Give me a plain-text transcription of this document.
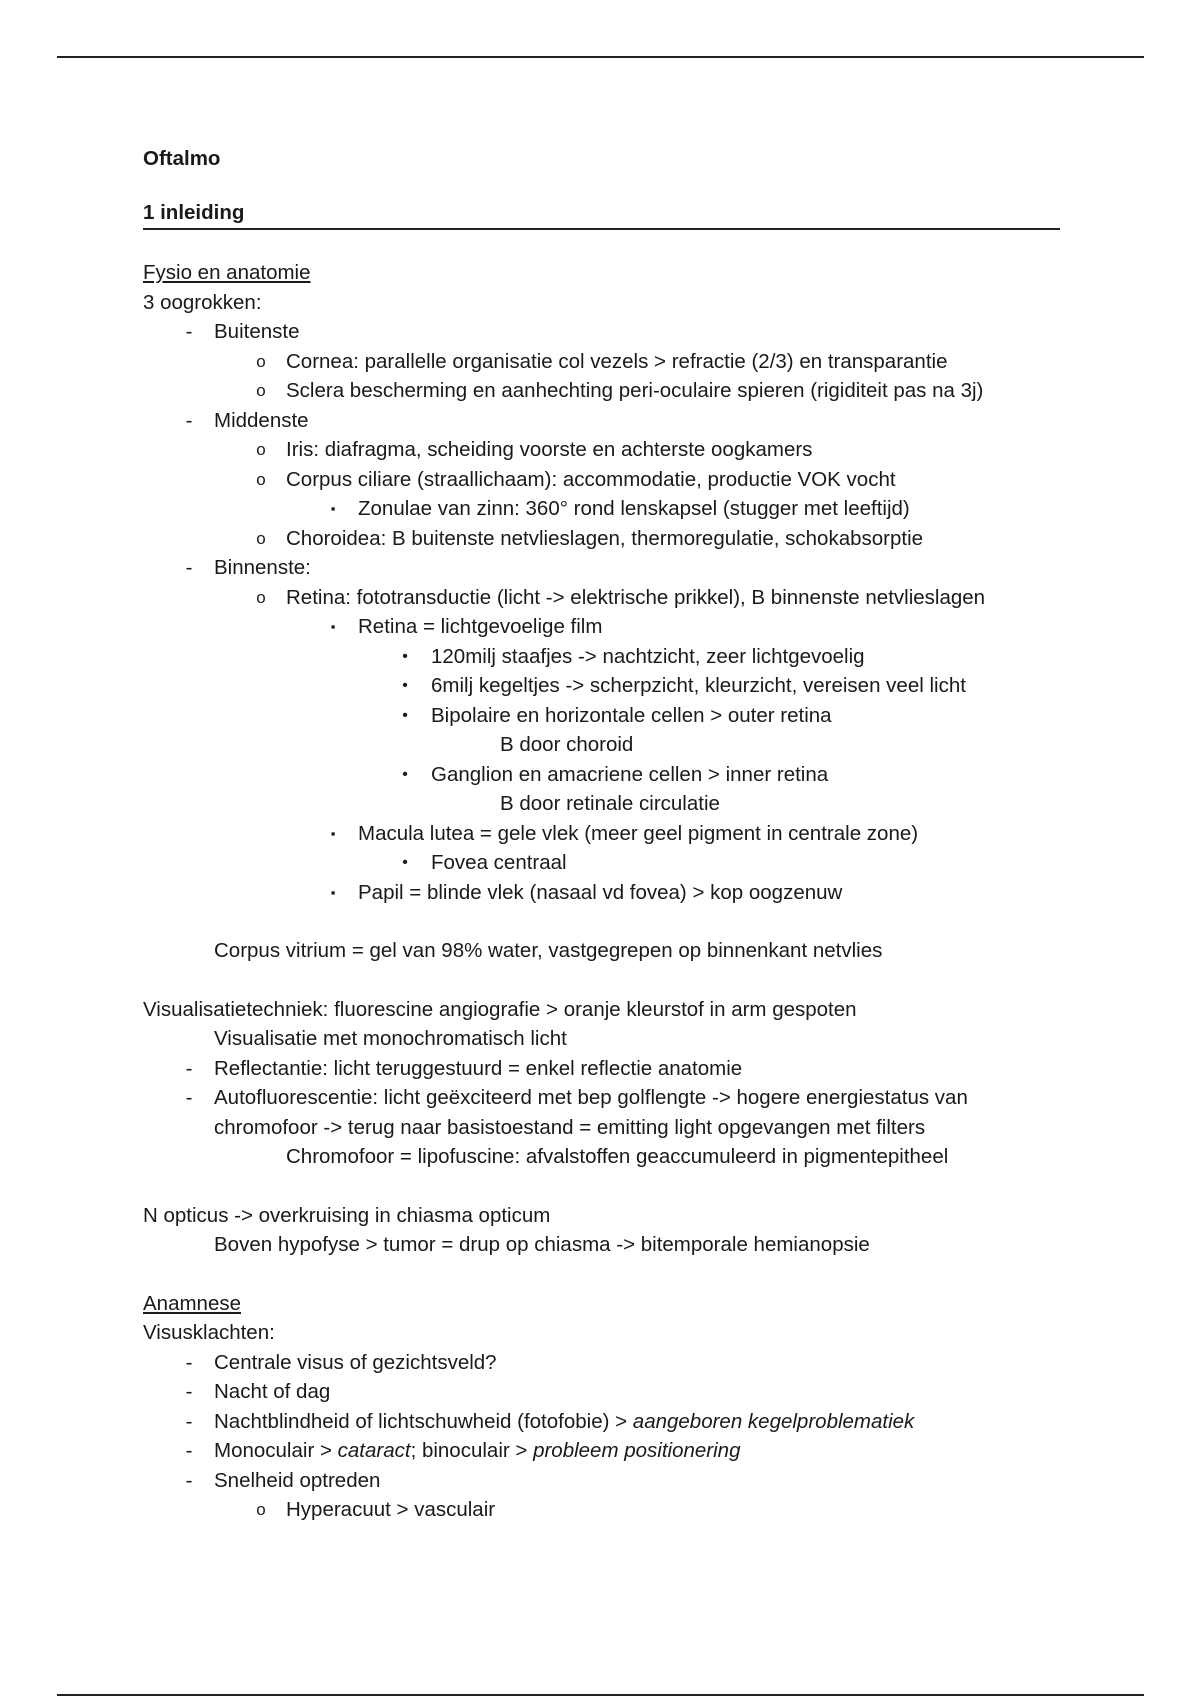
Oftalmo
1 inleiding
Fysio en anatomie
3 oogrokken:
- Buitenste
o Cornea: parallelle organisatie col vezels > refractie (2/3) en transparantie
o Sclera bescherming en aanhechting peri-oculaire spieren (rigiditeit pas na 3j)
- Middenste
o Iris: diafragma, scheiding voorste en achterste oogkamers
o Corpus ciliare (straallichaam): accommodatie, productie VOK vocht
▪ Zonulae van zinn: 360° rond lenskapsel (stugger met leeftijd)
o Choroidea: B buitenste netvlieslagen, thermoregulatie, schokabsorptie
- Binnenste:
o Retina: fototransductie (licht -> elektrische prikkel), B binnenste netvlieslagen
▪ Retina = lichtgevoelige film
• 120milj staafjes -> nachtzicht, zeer lichtgevoelig
• 6milj kegeltjes -> scherpzicht, kleurzicht, vereisen veel licht
• Bipolaire en horizontale cellen > outer retina
B door choroid
• Ganglion en amacriene cellen > inner retina
B door retinale circulatie
▪ Macula lutea = gele vlek (meer geel pigment in centrale zone)
• Fovea centraal
▪ Papil = blinde vlek (nasaal vd fovea) > kop oogzenuw
Corpus vitrium = gel van 98% water, vastgegrepen op binnenkant netvlies
Visualisatietechniek: fluorescine angiografie > oranje kleurstof in arm gespoten
Visualisatie met monochromatisch licht
- Reflectantie: licht teruggestuurd = enkel reflectie anatomie
- Autofluorescentie: licht geëxciteerd met bep golflengte -> hogere energiestatus van
chromofoor -> terug naar basistoestand = emitting light opgevangen met filters
Chromofoor = lipofuscine: afvalstoffen geaccumuleerd in pigmentepitheel
N opticus -> overkruising in chiasma opticum
Boven hypofyse > tumor = drup op chiasma -> bitemporale hemianopsie
Anamnese
Visusklachten:
- Centrale visus of gezichtsveld?
- Nacht of dag
- Nachtblindheid of lichtschuwheid (fotofobie) > aangeboren kegelproblematiek
- Monoculair > cataract; binoculair > probleem positionering
- Snelheid optreden
o Hyperacuut > vasculair
